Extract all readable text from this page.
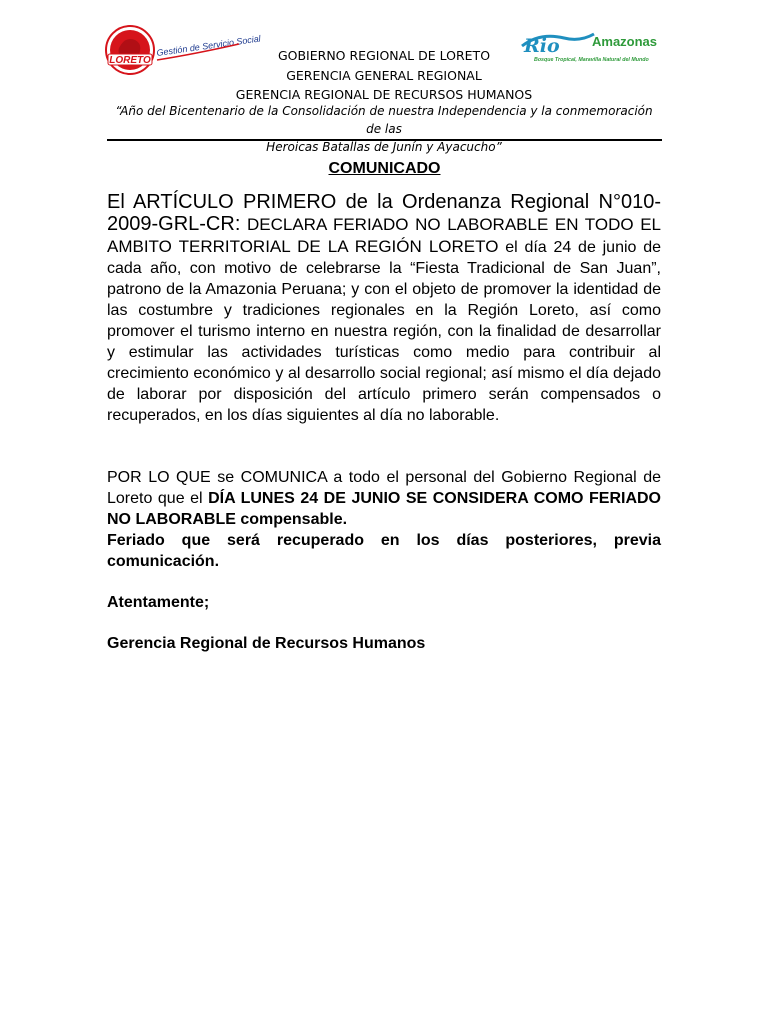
LORETO
Gestión de Servicio Social	Rio Amazonas
Bosque Tropical, Maravilla Natural del Mundo
GOBIERNO REGIONAL DE LORETO
GERENCIA GENERAL REGIONAL
GERENCIA REGIONAL DE RECURSOS HUMANOS
“Año del Bicentenario de la Consolidación de nuestra Independencia y la conmemoración de las
Heroicas Batallas de Junín y Ayacucho”
COMUNICADO

El ARTÍCULO PRIMERO de la Ordenanza Regional N°010-2009-GRL-CR: DECLARA FERIADO NO LABORABLE EN TODO EL AMBITO TERRITORIAL DE LA REGIÓN LORETO el día 24 de junio de cada año, con motivo de celebrarse la “Fiesta Tradicional de San Juan”, patrono de la Amazonia Peruana; y con el objeto de promover la identidad de las costumbre y tradiciones regionales en la Región Loreto, así como promover el turismo interno en nuestra región, con la finalidad de desarrollar y estimular las actividades turísticas como medio para contribuir al crecimiento económico y al desarrollo social regional; así mismo el día dejado de laborar por disposición del artículo primero serán compensados o recuperados, en los días siguientes al día no laborable.

POR LO QUE se COMUNICA a todo el personal del Gobierno Regional de Loreto que el DÍA LUNES 24 DE JUNIO SE CONSIDERA COMO FERIADO NO LABORABLE compensable.
Feriado que será recuperado en los días posteriores, previa comunicación.

Atentamente;

Gerencia Regional de Recursos Humanos
